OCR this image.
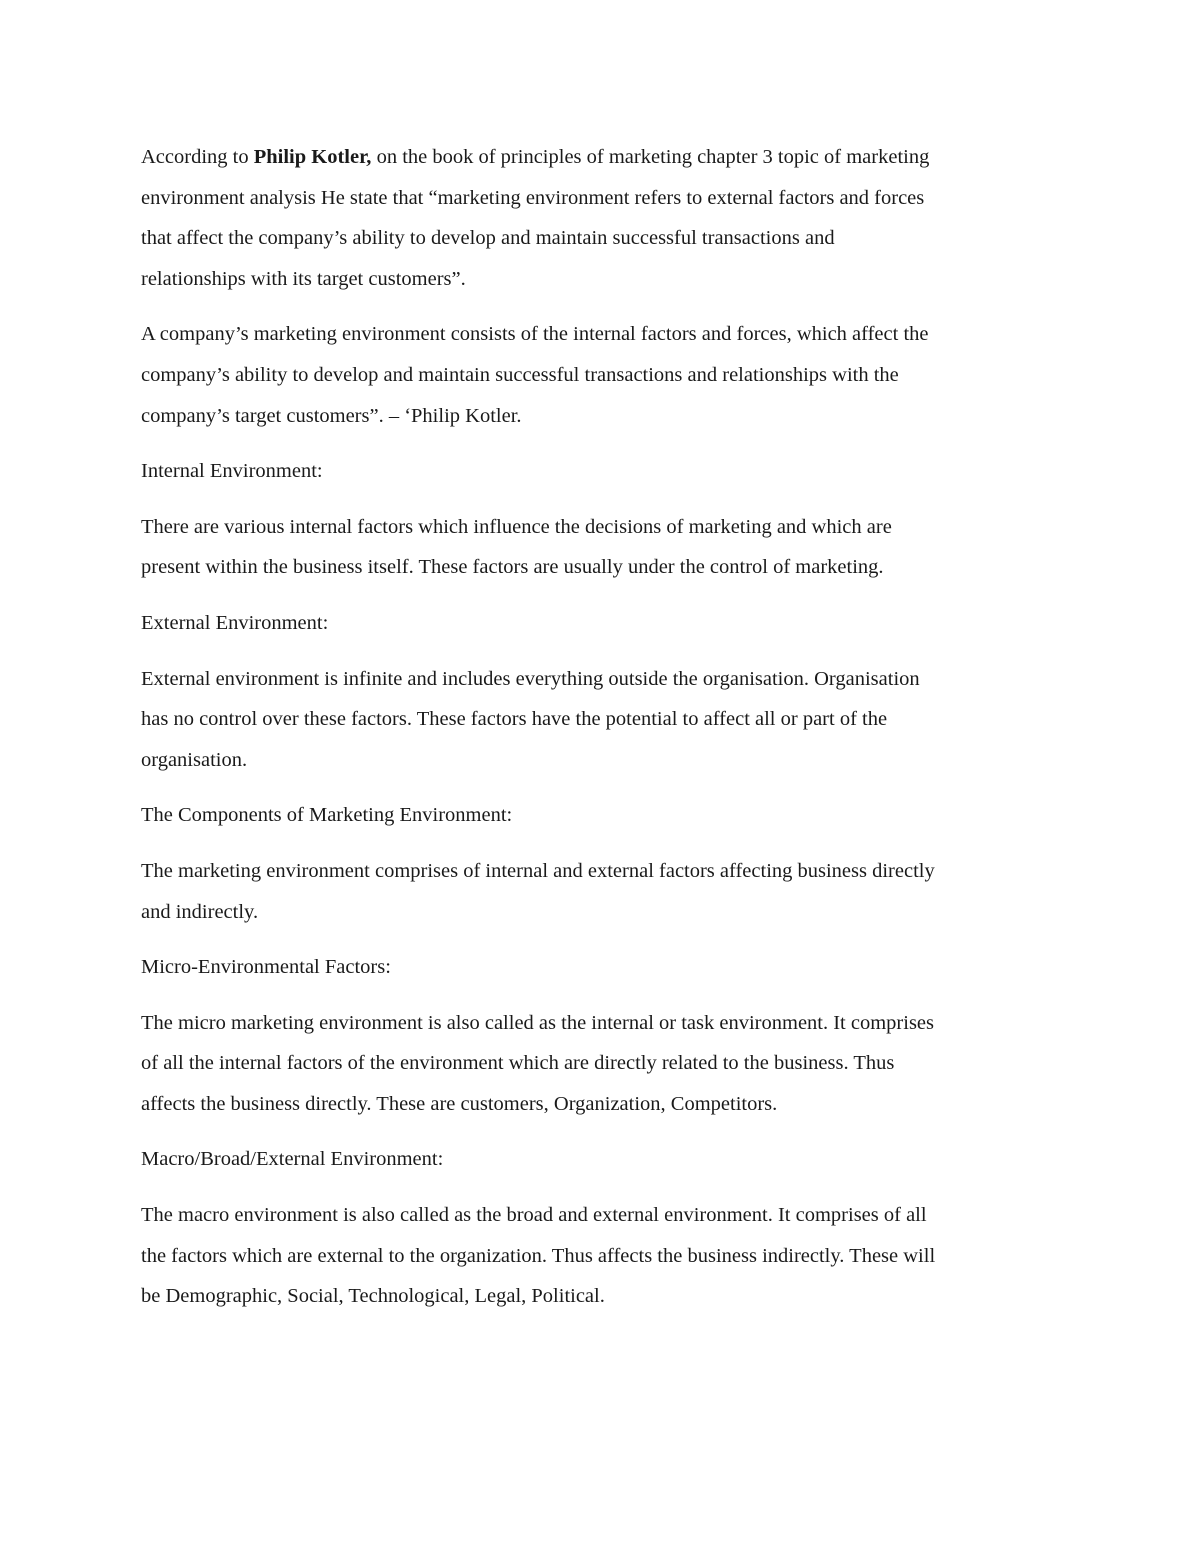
According to Philip Kotler, on the book of principles of marketing chapter 3 topic of marketing
environment analysis He state that “marketing environment refers to external factors and forces
that affect the company’s ability to develop and maintain successful transactions and
relationships with its target customers”.

A company’s marketing environment consists of the internal factors and forces, which affect the
company’s ability to develop and maintain successful transactions and relationships with the
company’s target customers”. – ‘Philip Kotler.

Internal Environment:

There are various internal factors which influence the decisions of marketing and which are
present within the business itself. These factors are usually under the control of marketing.

External Environment:

External environment is infinite and includes everything outside the organisation. Organisation
has no control over these factors. These factors have the potential to affect all or part of the
organisation.

The Components of Marketing Environment:

The marketing environment comprises of internal and external factors affecting business directly
and indirectly.

Micro-Environmental Factors:

The micro marketing environment is also called as the internal or task environment. It comprises
of all the internal factors of the environment which are directly related to the business. Thus
affects the business directly. These are customers, Organization, Competitors.

Macro/Broad/External Environment:

The macro environment is also called as the broad and external environment. It comprises of all
the factors which are external to the organization. Thus affects the business indirectly. These will
be Demographic, Social, Technological, Legal, Political.
